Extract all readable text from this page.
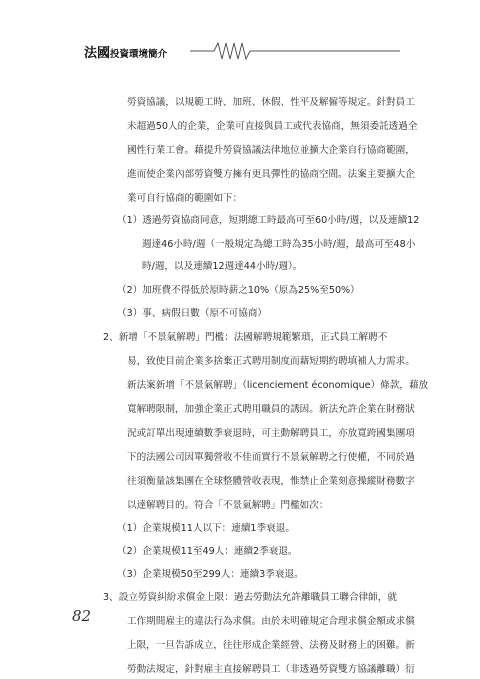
法國投資環境簡介
勞資協議，以規範工時、加班、休假、性平及解僱等規定。針對員工
未超過50人的企業，企業可直接與員工或代表協商，無須委託透過全
國性行業工會。藉提升勞資協議法律地位並擴大企業自行協商範圍，
進而使企業內部勞資雙方擁有更具彈性的協商空間。法案主要擴大企
業可自行協商的範圍如下：
（1）透過勞資協商同意，短期總工時最高可至60小時/週，以及連續12
週達46小時/週（一般規定為總工時為35小時/週，最高可至48小
時/週，以及連續12週達44小時/週）。
（2）加班費不得低於原時薪之10%（原為25%至50%）
（3）事、病假日數（原不可協商）
2、新增「不景氣解聘」門檻：法國解聘規範繁瑣，正式員工解聘不
易，致使目前企業多捨棄正式聘用制度而藉短期約聘填補人力需求。
新法案新增「不景氣解聘」（licenciement économique）條款，藉放
寬解聘限制，加強企業正式聘用職員的誘因。新法允許企業在財務狀
況或訂單出現連續數季衰退時，可主動解聘員工，亦放寬跨國集團項
下的法國公司因單獨營收不佳而實行不景氣解聘之行使權，不同於過
往須衡量該集團在全球整體營收表現，惟禁止企業刻意操縱財務數字
以達解聘目的。符合「不景氣解聘」門檻如次：
（1）企業規模11人以下：連續1季衰退。
（2）企業規模11至49人：連續2季衰退。
（3）企業規模50至299人：連續3季衰退。
3、設立勞資糾紛求償金上限：過去勞動法允許離職員工聯合律師，就
工作期間雇主的違法行為求償。由於未明確規定合理求償金額或求償
上限，一旦告訴成立，往往形成企業經營、法務及財務上的困難。新
勞動法規定，針對雇主直接解聘員工（非透過勞資雙方協議離職）衍
82
